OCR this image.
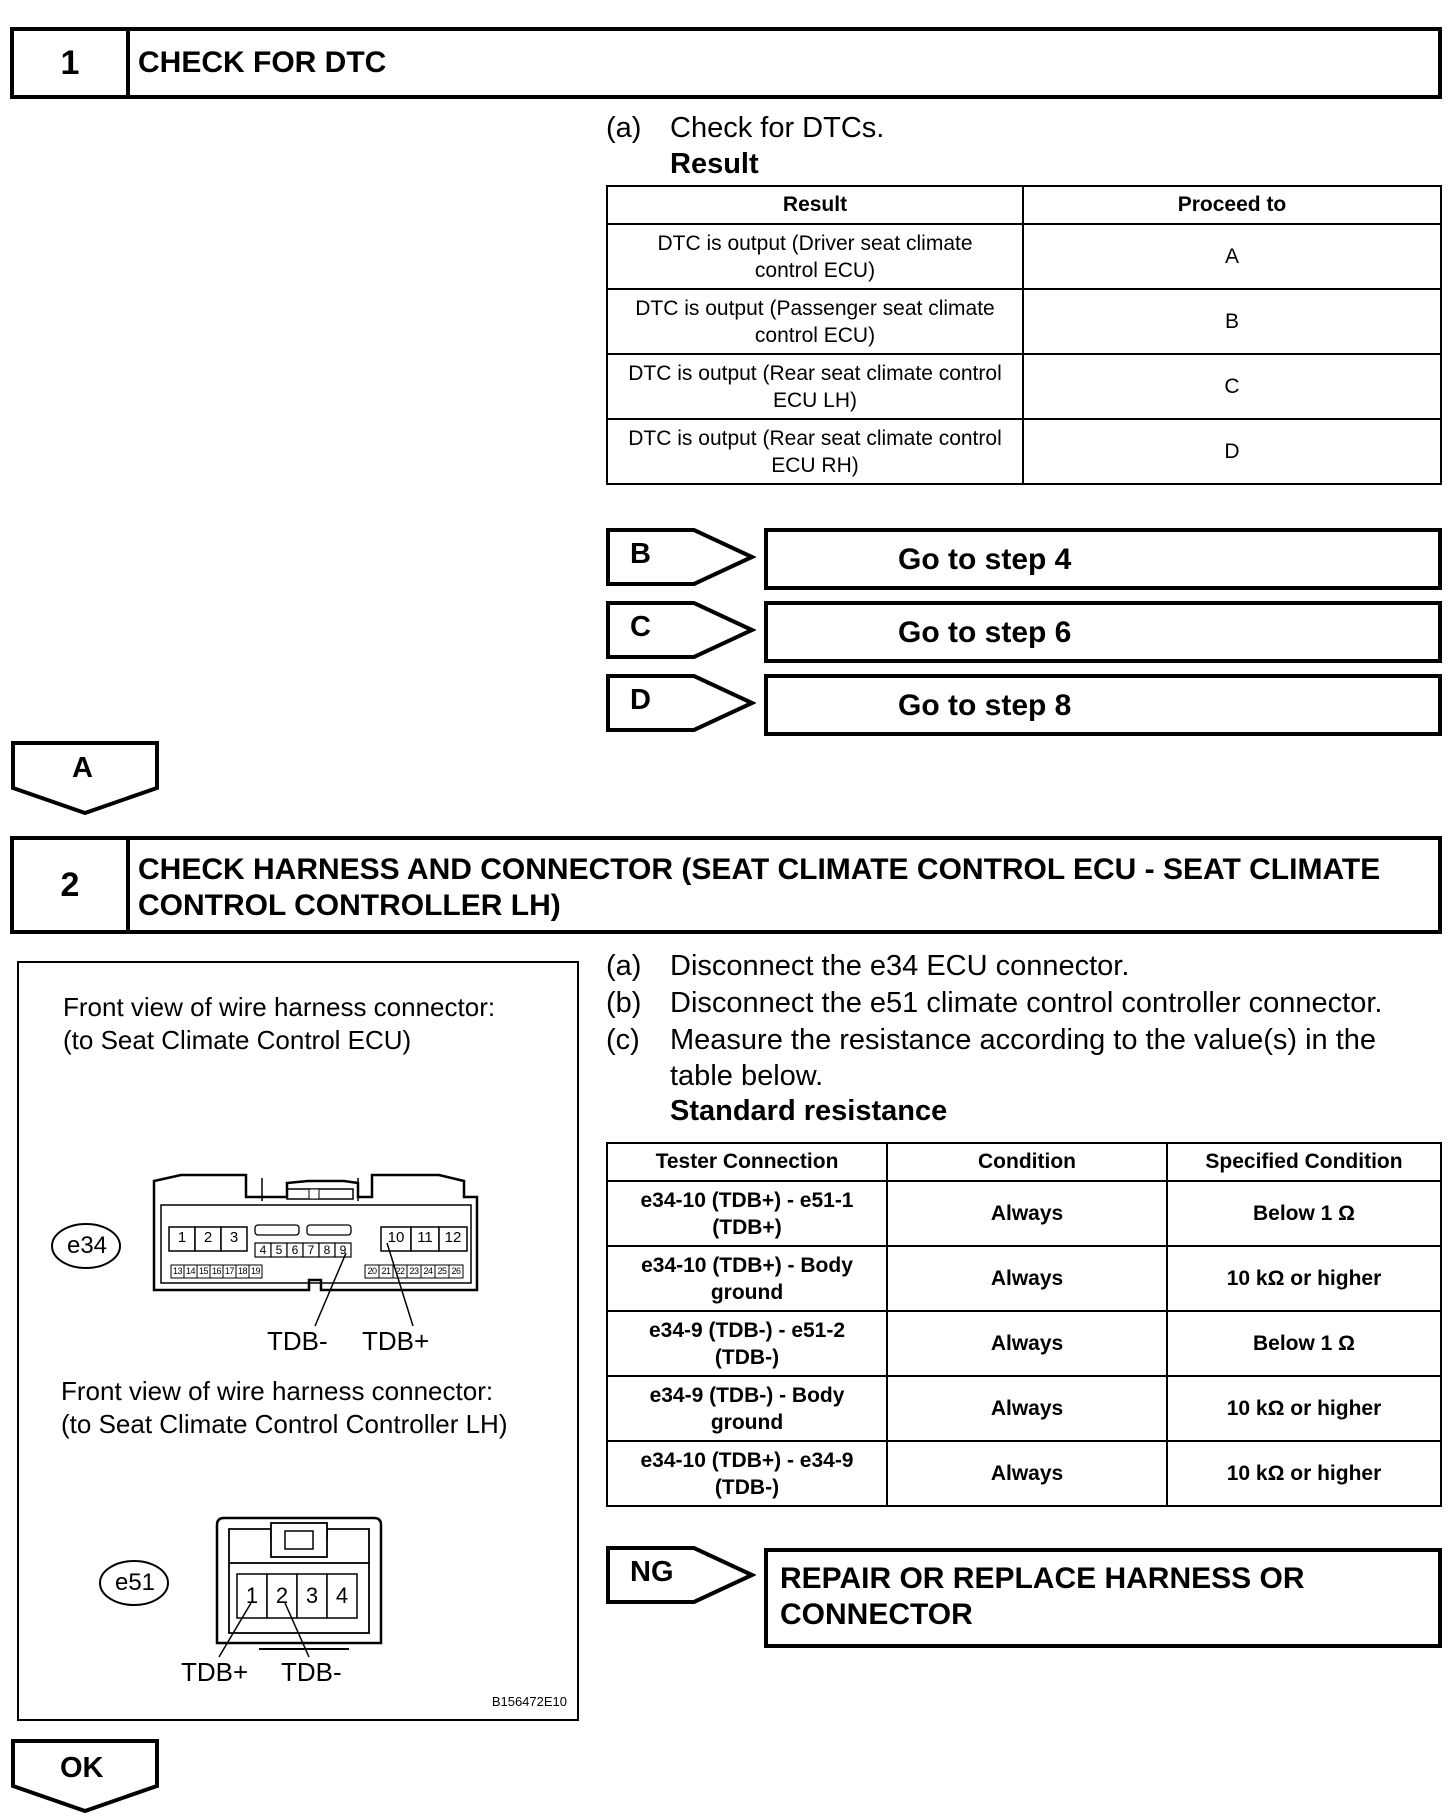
1	CHECK FOR DTC
(a) Check for DTCs.
Result
Result	Proceed to
DTC is output (Driver seat climate
control ECU)	A
DTC is output (Passenger seat climate
control ECU)	B
DTC is output (Rear seat climate control
ECU LH)	C
DTC is output (Rear seat climate control
ECU RH)	D
B	Go to step 4
C	Go to step 6
D	Go to step 8
A
2	CHECK HARNESS AND CONNECTOR (SEAT CLIMATE CONTROL ECU - SEAT CLIMATE
CONTROL CONTROLLER LH)
(a) Disconnect the e34 ECU connector.
(b) Disconnect the e51 climate control controller connector.
(c)	Measure the resistance according to the value(s) in the
table below.
Standard resistance
Tester Connection	Condition	Specified Condition
e34-10 (TDB+) - e51-1
(TDB+)	Always	Below 1 Ω
e34-10 (TDB+) - Body
ground	Always	10 kΩ or higher
e34-9 (TDB-) - e51-2
(TDB-)	Always	Below 1 Ω
e34-9 (TDB-) - Body
ground	Always	10 kΩ or higher
e34-10 (TDB+) - e34-9
(TDB-)	Always	10 kΩ or higher
NG	REPAIR OR REPLACE HARNESS OR
CONNECTOR
Front view of wire harness connector:
(to Seat Climate Control ECU)
e34	1	2	3
4 5 6 7 8 9
10 11 12
13 14 15 16 17 18 19	20 21 22 23 24 25 26
TDB- TDB+
Front view of wire harness connector:
(to Seat Climate Control Controller LH)
e51	1 2 3 4
TDB+ TDB-
B156472E10
OK
